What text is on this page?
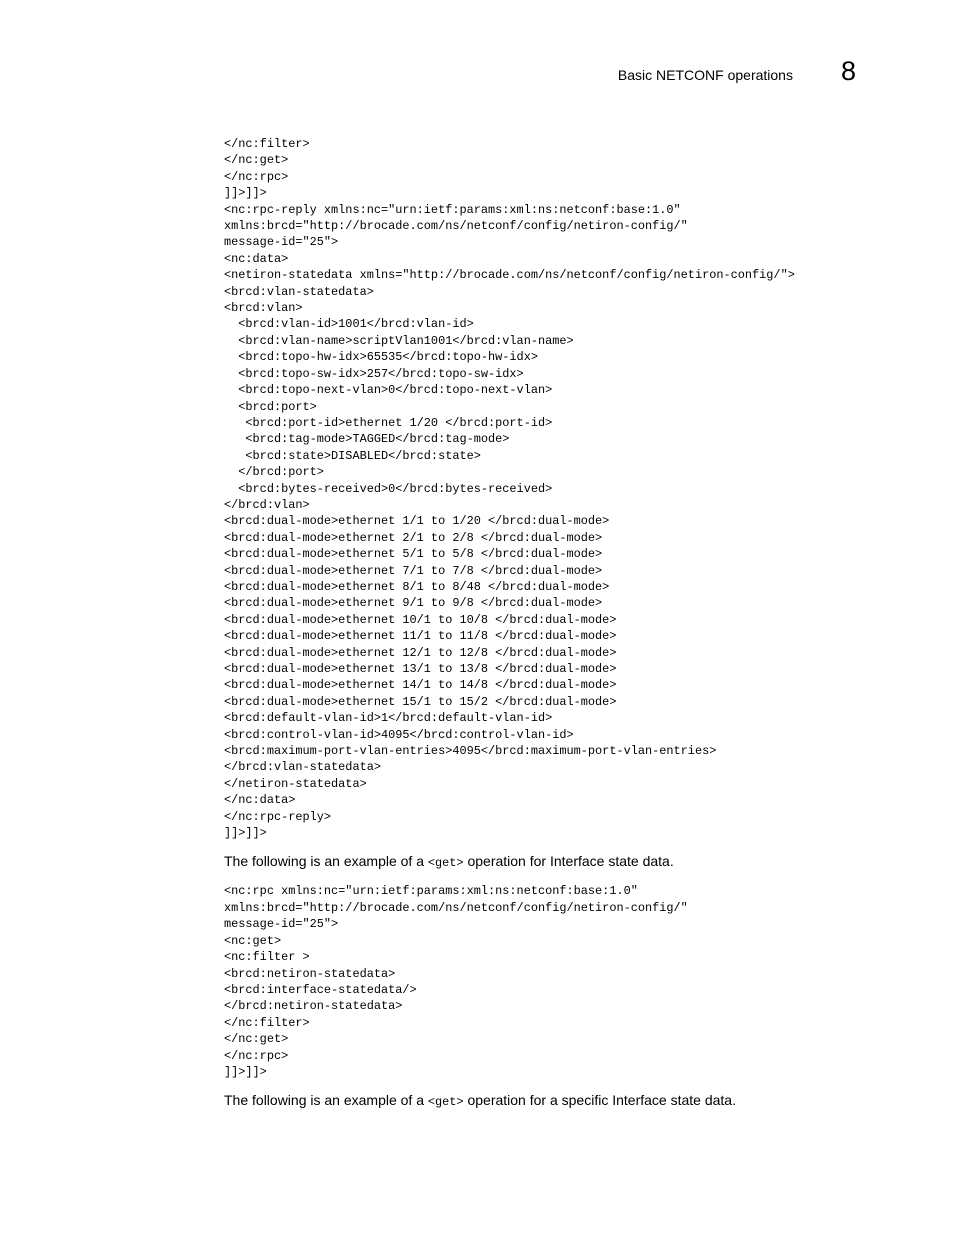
Basic NETCONF operations 8
</nc:filter>
</nc:get>
</nc:rpc>
]]>]]>
<nc:rpc-reply xmlns:nc="urn:ietf:params:xml:ns:netconf:base:1.0"
xmlns:brcd="http://brocade.com/ns/netconf/config/netiron-config/"
message-id="25">
<nc:data>
<netiron-statedata xmlns="http://brocade.com/ns/netconf/config/netiron-config/">
<brcd:vlan-statedata>
<brcd:vlan>
<brcd:vlan-id>1001</brcd:vlan-id>
<brcd:vlan-name>scriptVlan1001</brcd:vlan-name>
<brcd:topo-hw-idx>65535</brcd:topo-hw-idx>
<brcd:topo-sw-idx>257</brcd:topo-sw-idx>
<brcd:topo-next-vlan>0</brcd:topo-next-vlan>
<brcd:port>
<brcd:port-id>ethernet 1/20 </brcd:port-id>
<brcd:tag-mode>TAGGED</brcd:tag-mode>
<brcd:state>DISABLED</brcd:state>
</brcd:port>
<brcd:bytes-received>0</brcd:bytes-received>
</brcd:vlan>
<brcd:dual-mode>ethernet 1/1 to 1/20 </brcd:dual-mode>
<brcd:dual-mode>ethernet 2/1 to 2/8 </brcd:dual-mode>
<brcd:dual-mode>ethernet 5/1 to 5/8 </brcd:dual-mode>
<brcd:dual-mode>ethernet 7/1 to 7/8 </brcd:dual-mode>
<brcd:dual-mode>ethernet 8/1 to 8/48 </brcd:dual-mode>
<brcd:dual-mode>ethernet 9/1 to 9/8 </brcd:dual-mode>
<brcd:dual-mode>ethernet 10/1 to 10/8 </brcd:dual-mode>
<brcd:dual-mode>ethernet 11/1 to 11/8 </brcd:dual-mode>
<brcd:dual-mode>ethernet 12/1 to 12/8 </brcd:dual-mode>
<brcd:dual-mode>ethernet 13/1 to 13/8 </brcd:dual-mode>
<brcd:dual-mode>ethernet 14/1 to 14/8 </brcd:dual-mode>
<brcd:dual-mode>ethernet 15/1 to 15/2 </brcd:dual-mode>
<brcd:default-vlan-id>1</brcd:default-vlan-id>
<brcd:control-vlan-id>4095</brcd:control-vlan-id>
<brcd:maximum-port-vlan-entries>4095</brcd:maximum-port-vlan-entries>
</brcd:vlan-statedata>
</netiron-statedata>
</nc:data>
</nc:rpc-reply>
]]>]]>

The following is an example of a <get> operation for Interface state data.

<nc:rpc xmlns:nc="urn:ietf:params:xml:ns:netconf:base:1.0"
xmlns:brcd="http://brocade.com/ns/netconf/config/netiron-config/"
message-id="25">
<nc:get>
<nc:filter >
<brcd:netiron-statedata>
<brcd:interface-statedata/>
</brcd:netiron-statedata>
</nc:filter>
</nc:get>
</nc:rpc>
]]>]]>

The following is an example of a <get> operation for a specific Interface state data.
